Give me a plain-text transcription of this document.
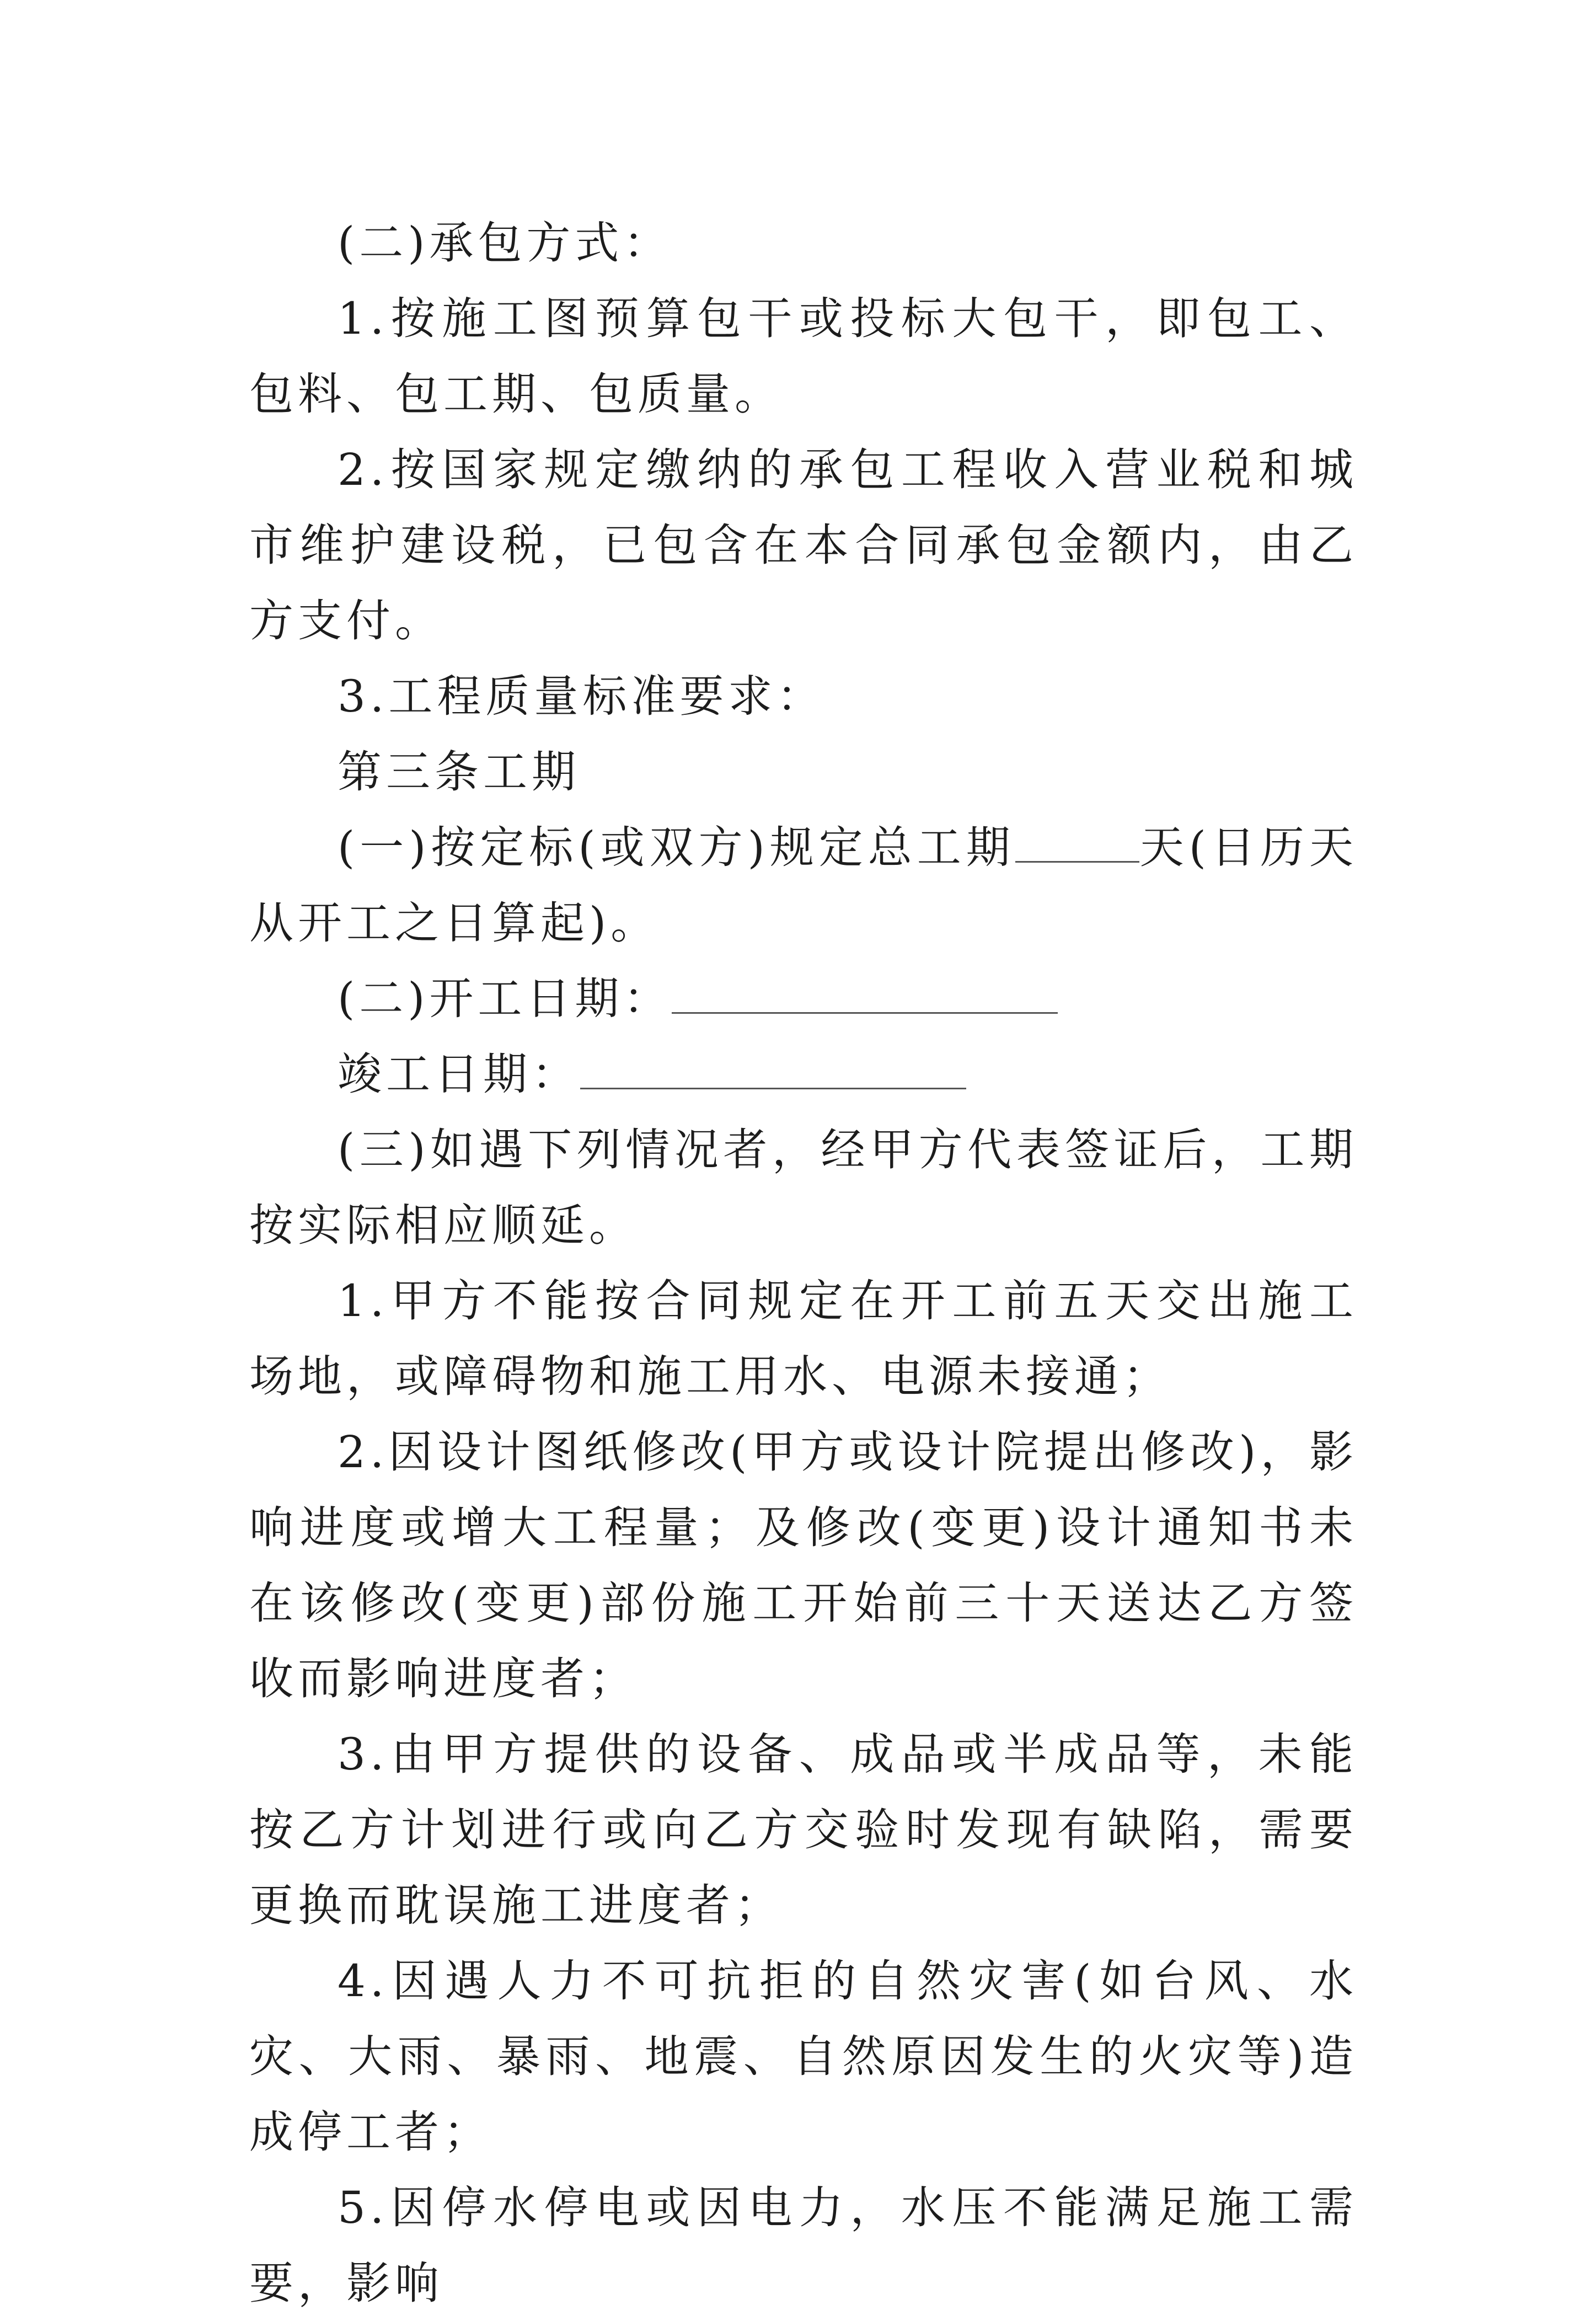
(二)承包方式：

1.按施工图预算包干或投标大包干，即包工、包料、包工期、包质量。

2.按国家规定缴纳的承包工程收入营业税和城市维护建设税，已包含在本合同承包金额内，由乙方支付。

3.工程质量标准要求：

第三条工期

(一)按定标(或双方)规定总工期	天(日历天从开工之日算起)。

(二)开工日期：

竣工日期：

(三)如遇下列情况者，经甲方代表签证后，工期按实际相应顺延。

1.甲方不能按合同规定在开工前五天交出施工场地，或障碍物和施工用水、电源未接通；

2.因设计图纸修改(甲方或设计院提出修改)，影响进度或增大工程量；及修改(变更)设计通知书未在该修改(变更)部份施工开始前三十天送达乙方签收而影响进度者；

3.由甲方提供的设备、成品或半成品等，未能按乙方计划进行或向乙方交验时发现有缺陷，需要更换而耽误施工进度者；

4.因遇人力不可抗拒的自然灾害(如台风、水灾、大雨、暴雨、地震、自然原因发生的火灾等)造成停工者；

5.因停水停电或因电力，水压不能满足施工需要，影响
